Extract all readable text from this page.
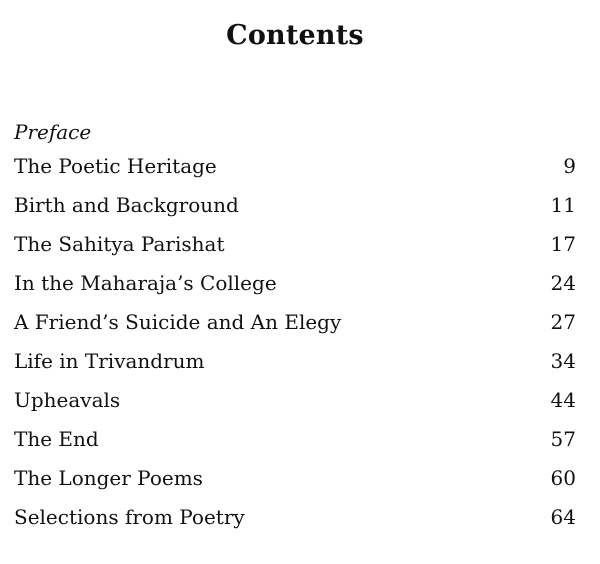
Contents
Preface
The Poetic Heritage	9
Birth and Background	11
The Sahitya Parishat	17
In the Maharaja’s College	24
A Friend’s Suicide and An Elegy	27
Life in Trivandrum	34
Upheavals	44
The End	57
The Longer Poems	60
Selections from Poetry	64
